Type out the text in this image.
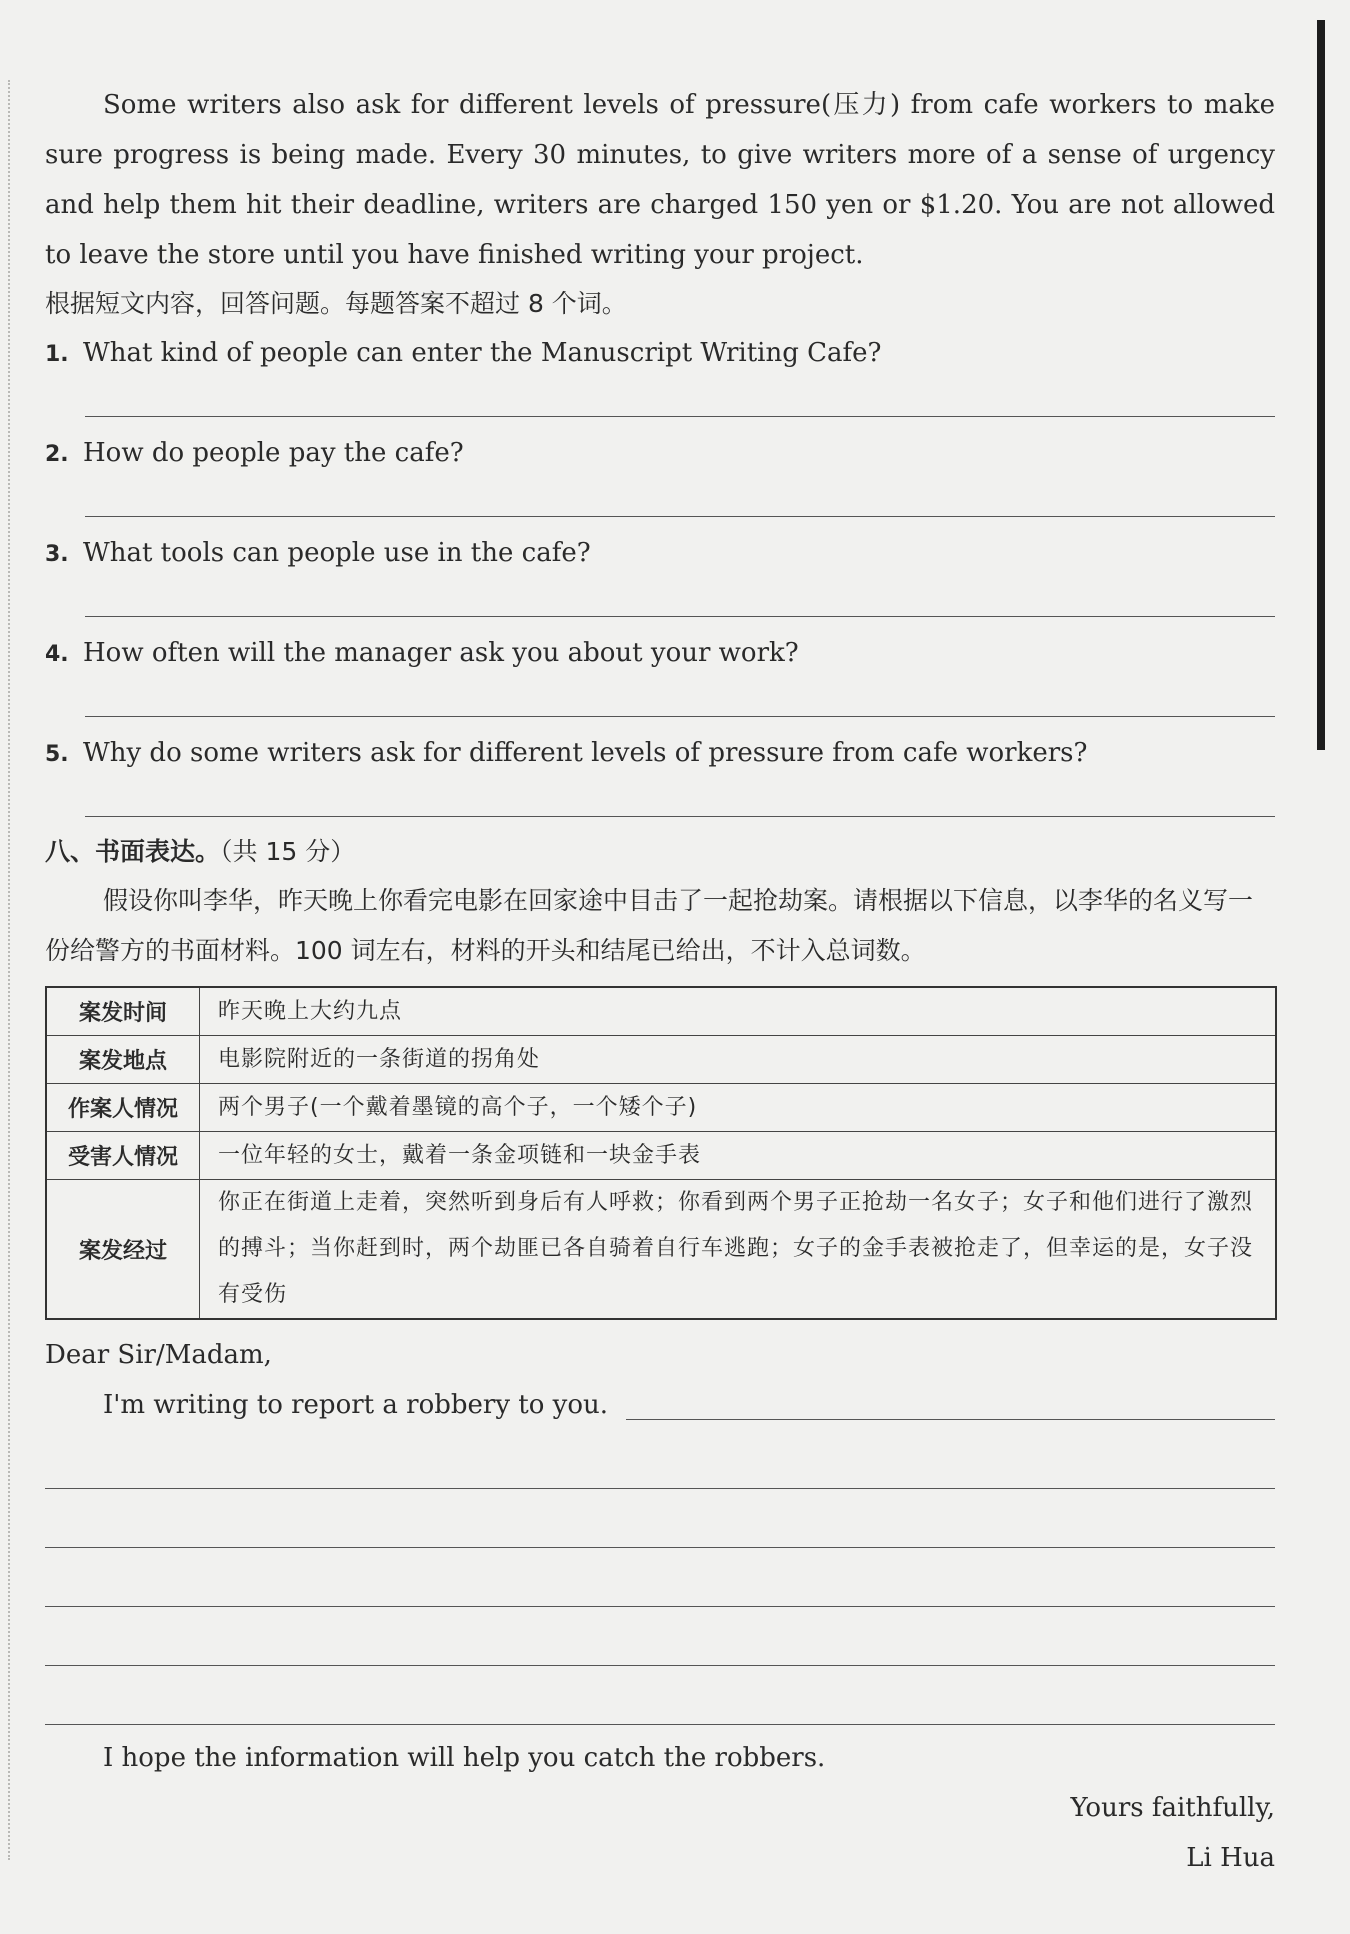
Some writers also ask for different levels of pressure(压力) from cafe workers to make sure progress is being made. Every 30 minutes, to give writers more of a sense of urgency and help them hit their deadline, writers are charged 150 yen or $1.20. You are not allowed to leave the store until you have finished writing your project.

根据短文内容，回答问题。每题答案不超过 8 个词。

1. What kind of people can enter the Manuscript Writing Cafe?
2. How do people pay the cafe?
3. What tools can people use in the cafe?
4. How often will the manager ask you about your work?
5. Why do some writers ask for different levels of pressure from cafe workers?

八、书面表达。（共 15 分）

假设你叫李华，昨天晚上你看完电影在回家途中目击了一起抢劫案。请根据以下信息，以李华的名义写一份给警方的书面材料。100 词左右，材料的开头和结尾已给出，不计入总词数。

案发时间	昨天晚上大约九点
案发地点	电影院附近的一条街道的拐角处
作案人情况	两个男子(一个戴着墨镜的高个子，一个矮个子)
受害人情况	一位年轻的女士，戴着一条金项链和一块金手表
案发经过	你正在街道上走着，突然听到身后有人呼救；你看到两个男子正抢劫一名女子；女子和他们进行了激烈的搏斗；当你赶到时，两个劫匪已各自骑着自行车逃跑；女子的金手表被抢走了，但幸运的是，女子没有受伤

Dear Sir/Madam,

I'm writing to report a robbery to you.

I hope the information will help you catch the robbers.

Yours faithfully,

Li Hua
